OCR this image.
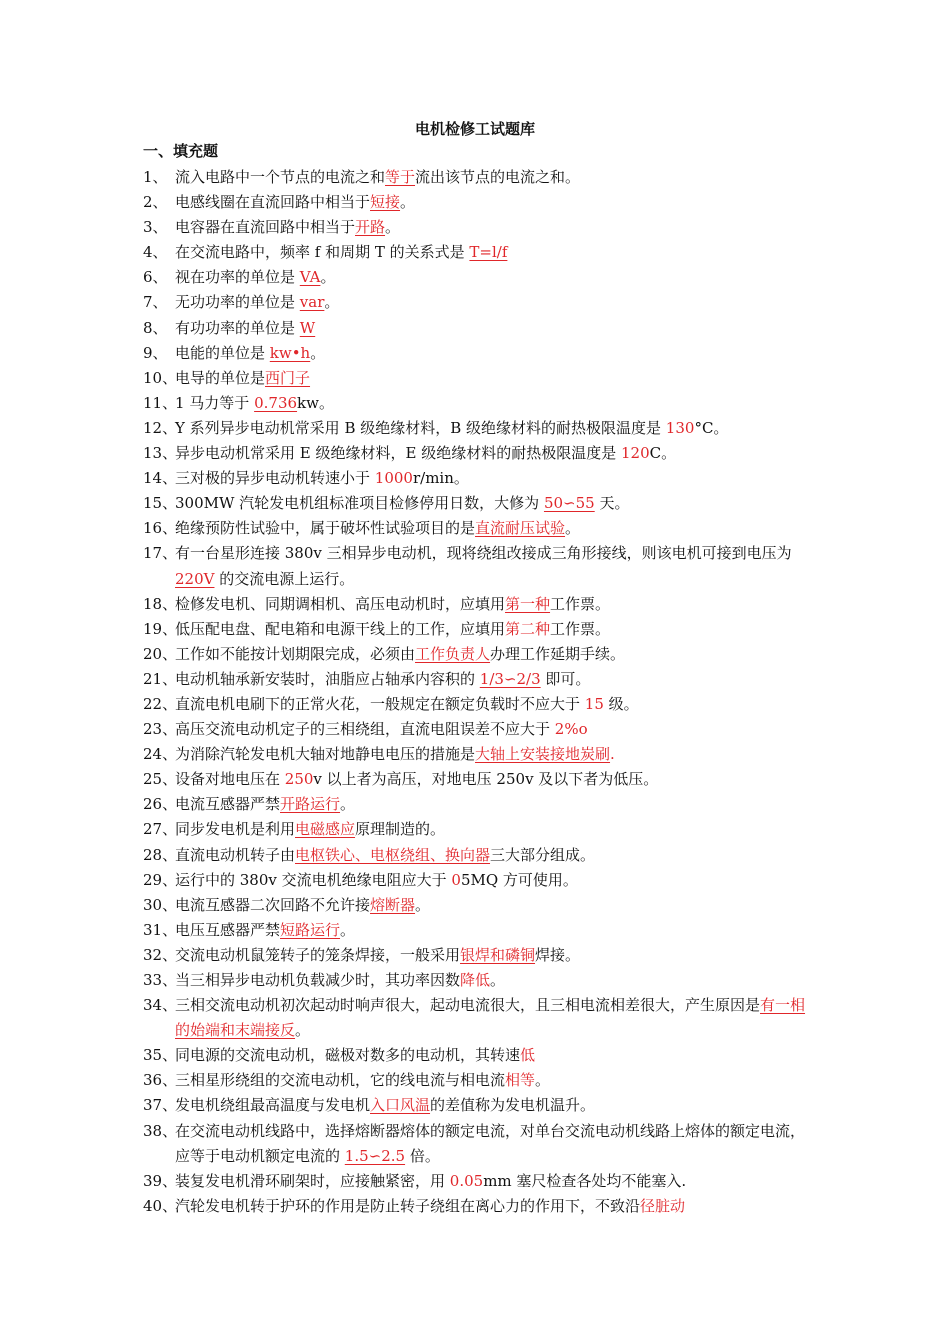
电机检修工试题库
一、填充题
1、 流入电路中一个节点的电流之和等于流出该节点的电流之和。
2、 电感线圈在直流回路中相当于短接。
3、 电容器在直流回路中相当于开路。
4、 在交流电路中，频率 f 和周期 T 的关系式是 T=l/f
6、 视在功率的单位是 VA。
7、 无功功率的单位是 var。
8、 有功功率的单位是 W
9、 电能的单位是 kw•h。
10、
电导的单位是西门子
11、
1 马力等于 0.736kw。
12、
Y 系列异步电动机常采用 B 级绝缘材料，B 级绝缘材料的耐热极限温度是 130°C。
13、
异步电动机常采用 E 级绝缘材料，E 级绝缘材料的耐热极限温度是 120C。
14、
三对极的异步电动机转速小于 1000r/min。
15、
300MW 汽轮发电机组标准项目检修停用日数，大修为 50∽55 天。
16、
绝缘预防性试验中，属于破坏性试验项目的是直流耐压试验。
17、
有一台星形连接 380v 三相异步电动机，现将绕组改接成三角形接线，则该电机可接到电压为 220V 的交流电源上运行。
18、
检修发电机、同期调相机、高压电动机时，应填用第一种工作票。
19、
低压配电盘、配电箱和电源干线上的工作，应填用第二种工作票。
20、
工作如不能按计划期限完成，必须由工作负责人办理工作延期手续。
21、
电动机轴承新安装时，油脂应占轴承内容积的 1/3∽2/3 即可。
22、
直流电机电刷下的正常火花，一般规定在额定负载时不应大于 15 级。
23、
高压交流电动机定子的三相绕组，直流电阻误差不应大于 2%o
24、
为消除汽轮发电机大轴对地静电电压的措施是大轴上安装接地炭刷.
25、
设备对地电压在 250v 以上者为高压，对地电压 250v 及以下者为低压。
26、
电流互感器严禁开路运行。
27、
同步发电机是利用电磁感应原理制造的。
28、
直流电动机转子由电枢铁心、电枢绕组、换向器三大部分组成。
29、
运行中的 380v 交流电机绝缘电阻应大于 05MQ 方可使用。
30、
电流互感器二次回路不允许接熔断器。
31、
电压互感器严禁短路运行。
32、
交流电动机鼠笼转子的笼条焊接，一般采用银焊和磷铜焊接。
33、
当三相异步电动机负载减少时，其功率因数降低。
34、
三相交流电动机初次起动时响声很大，起动电流很大，且三相电流相差很大，产生原因是有一相的始端和末端接反。
35、
同电源的交流电动机，磁极对数多的电动机，其转速低
36、
三相星形绕组的交流电动机，它的线电流与相电流相等。
37、
发电机绕组最高温度与发电机入口风温的差值称为发电机温升。
38、
在交流电动机线路中，选择熔断器熔体的额定电流，对单台交流电动机线路上熔体的额定电流，应等于电动机额定电流的 1.5∽2.5 倍。
39、
装复发电机滑环刷架时，应接触紧密，用 0.05mm 塞尺检查各处均不能塞入.
40、
汽轮发电机转于护环的作用是防止转子绕组在离心力的作用下，不致沿径脏动
